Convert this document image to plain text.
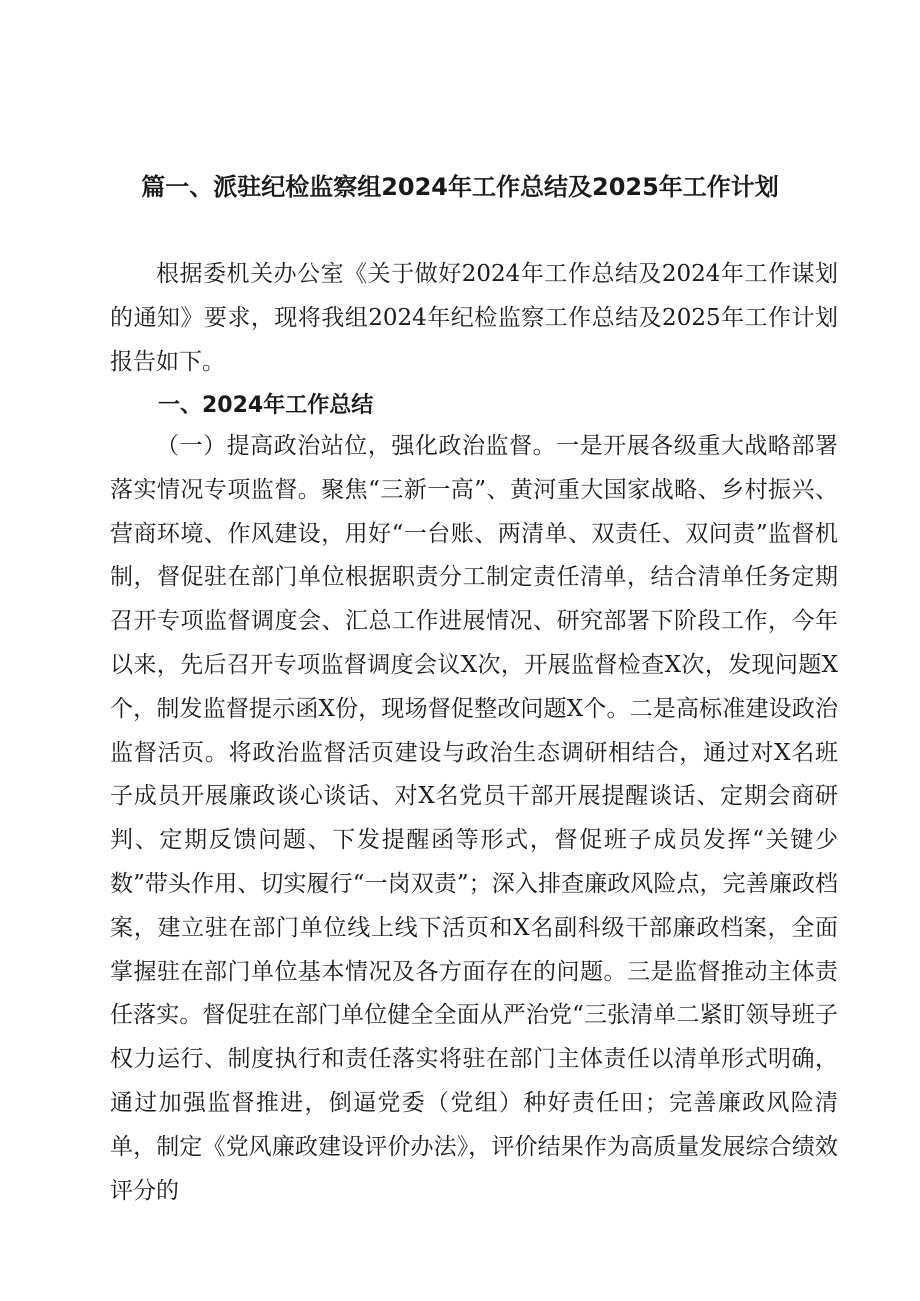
篇一、派驻纪检监察组2024年工作总结及2025年工作计划

根据委机关办公室《关于做好2024年工作总结及2024年工作谋划的通知》要求，现将我组2024年纪检监察工作总结及2025年工作计划报告如下。

一、2024年工作总结

（一）提高政治站位，强化政治监督。一是开展各级重大战略部署落实情况专项监督。聚焦“三新一高”、黄河重大国家战略、乡村振兴、营商环境、作风建设，用好“一台账、两清单、双责任、双问责”监督机制，督促驻在部门单位根据职责分工制定责任清单，结合清单任务定期召开专项监督调度会、汇总工作进展情况、研究部署下阶段工作，今年以来，先后召开专项监督调度会议X次，开展监督检查X次，发现问题X个，制发监督提示函X份，现场督促整改问题X个。二是高标准建设政治监督活页。将政治监督活页建设与政治生态调研相结合，通过对X名班子成员开展廉政谈心谈话、对X名党员干部开展提醒谈话、定期会商研判、定期反馈问题、下发提醒函等形式，督促班子成员发挥“关键少数”带头作用、切实履行“一岗双责”；深入排查廉政风险点，完善廉政档案，建立驻在部门单位线上线下活页和X名副科级干部廉政档案，全面掌握驻在部门单位基本情况及各方面存在的问题。三是监督推动主体责任落实。督促驻在部门单位健全全面从严治党“三张清单二紧盯领导班子权力运行、制度执行和责任落实将驻在部门主体责任以清单形式明确，通过加强监督推进，倒逼党委（党组）种好责任田；完善廉政风险清单，制定《党风廉政建设评价办法》，评价结果作为高质量发展综合绩效评分的
